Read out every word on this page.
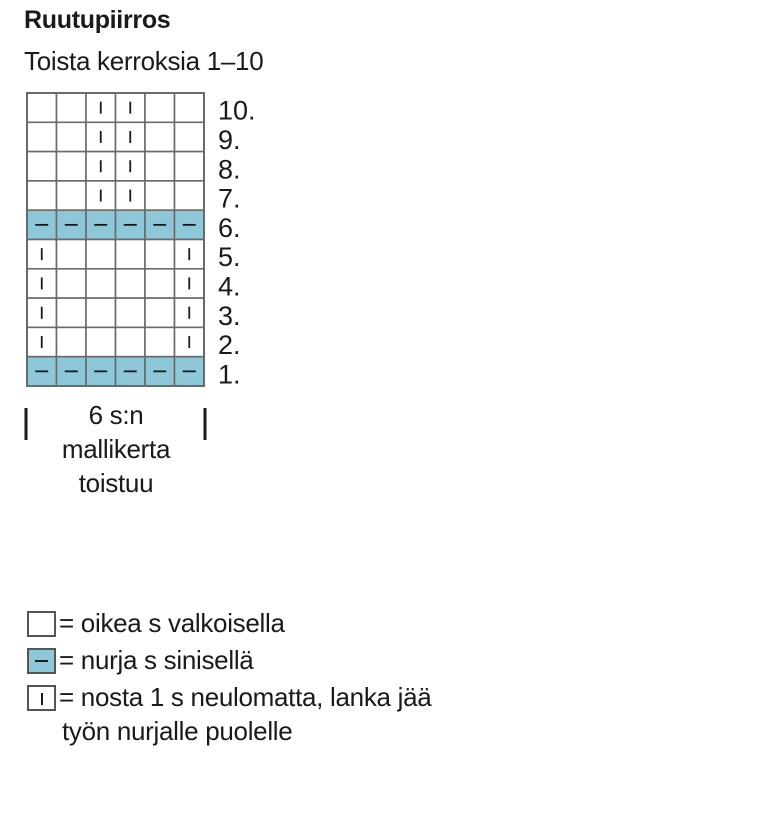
Ruutupiirros
Toista kerroksia 1–10
10.
9.
8.
7.
6.
5.
4.
3.
2.
1.
6 s:n
mallikerta
toistuu
= oikea s valkoisella
= nurja s sinisellä
= nosta 1 s neulomatta, lanka jää
työn nurjalle puolelle
